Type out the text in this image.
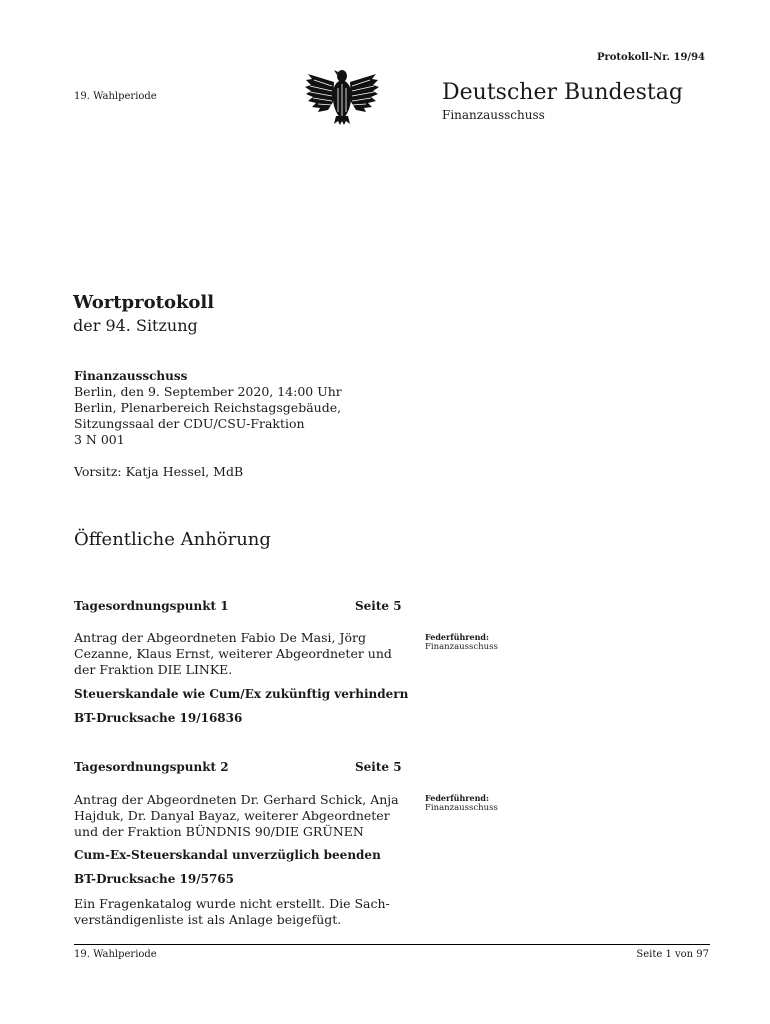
Protokoll-Nr. 19/94
19. Wahlperiode	Deutscher Bundestag
Finanzausschuss
Wortprotokoll
der 94. Sitzung
Finanzausschuss
Berlin, den 9. September 2020, 14:00 Uhr
Berlin, Plenarbereich Reichstagsgebäude,
Sitzungssaal der CDU/CSU-Fraktion
3 N 001
Vorsitz: Katja Hessel, MdB
Öffentliche Anhörung
Tagesordnungspunkt 1	Seite 5
Antrag der Abgeordneten Fabio De Masi, Jörg
Cezanne, Klaus Ernst, weiterer Abgeordneter und
der Fraktion DIE LINKE.
Steuerskandale wie Cum/Ex zukünftig verhindern
BT-Drucksache 19/16836
Federführend:
Finanzausschuss
Tagesordnungspunkt 2	Seite 5
Antrag der Abgeordneten Dr. Gerhard Schick, Anja
Hajduk, Dr. Danyal Bayaz, weiterer Abgeordneter
und der Fraktion BÜNDNIS 90/DIE GRÜNEN
Cum-Ex-Steuerskandal unverzüglich beenden
BT-Drucksache 19/5765
Federführend:
Finanzausschuss
Ein Fragenkatalog wurde nicht erstellt. Die Sach-
verständigenliste ist als Anlage beigefügt.
19. Wahlperiode	Seite 1 von 97
